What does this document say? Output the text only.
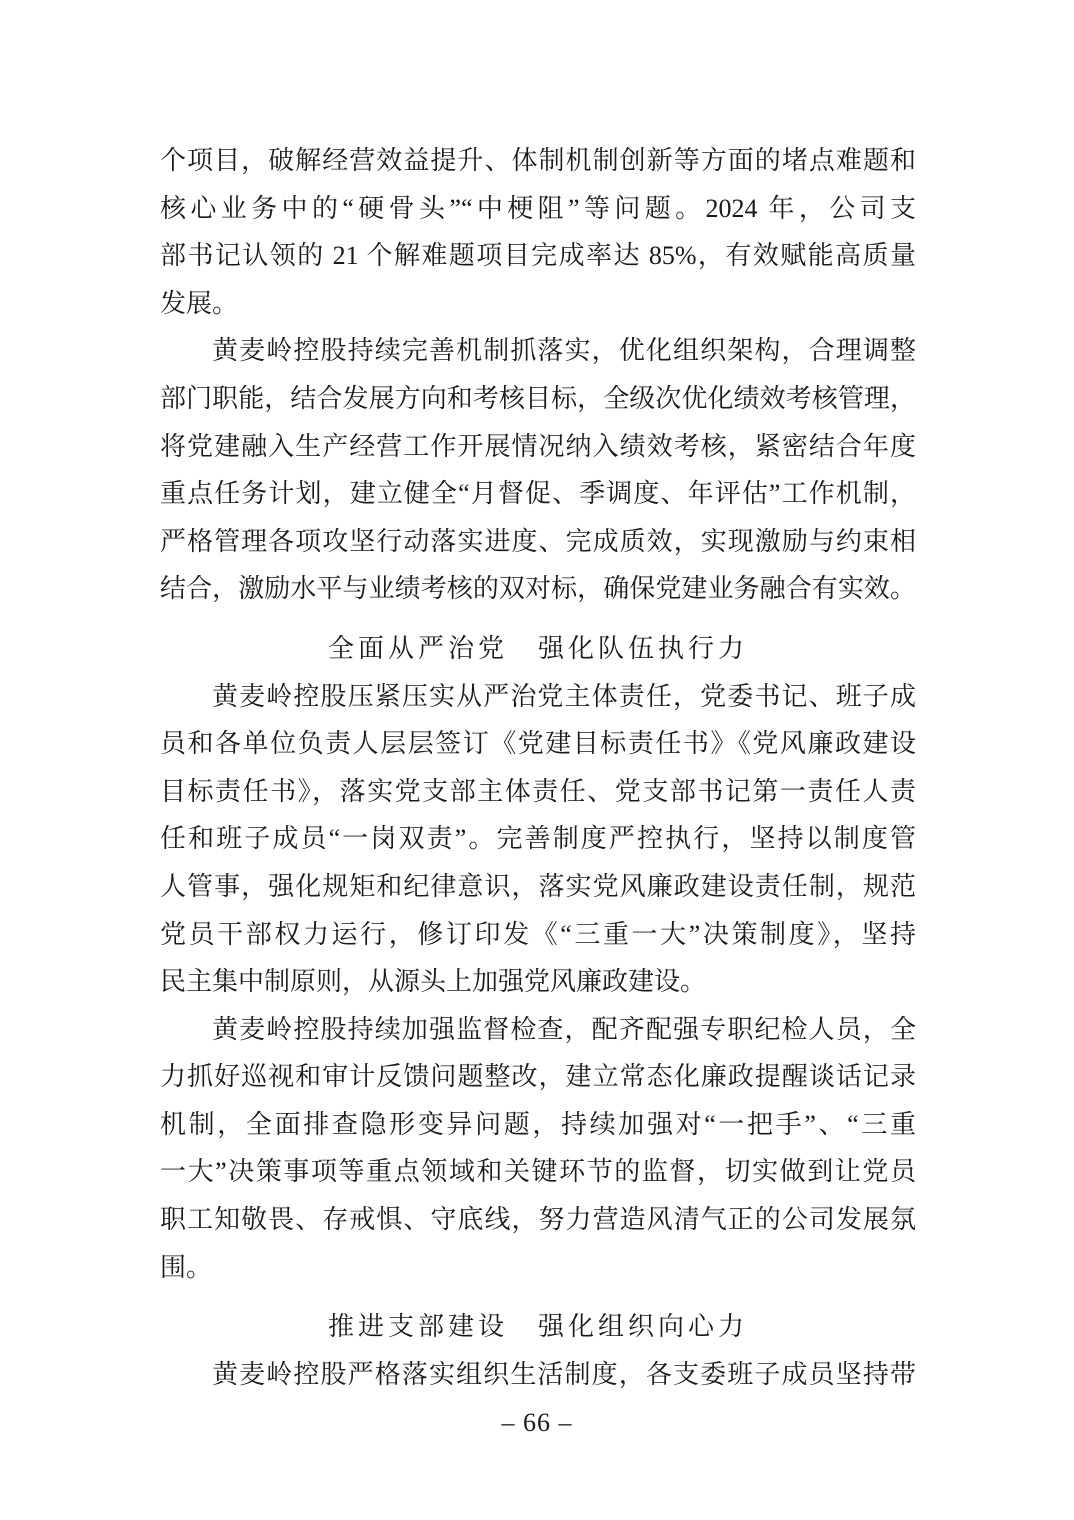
个项目，破解经营效益提升、体制机制创新等方面的堵点难题和
核心业务中的“硬骨头”“中梗阻”等问题。2024 年，公司支
部书记认领的 21 个解难题项目完成率达 85%，有效赋能高质量
发展。
黄麦岭控股持续完善机制抓落实，优化组织架构，合理调整
部门职能，结合发展方向和考核目标，全级次优化绩效考核管理，
将党建融入生产经营工作开展情况纳入绩效考核，紧密结合年度
重点任务计划，建立健全“月督促、季调度、年评估”工作机制，
严格管理各项攻坚行动落实进度、完成质效，实现激励与约束相
结合，激励水平与业绩考核的双对标，确保党建业务融合有实效。
全面从严治党　强化队伍执行力
黄麦岭控股压紧压实从严治党主体责任，党委书记、班子成
员和各单位负责人层层签订《党建目标责任书》《党风廉政建设
目标责任书》，落实党支部主体责任、党支部书记第一责任人责
任和班子成员“一岗双责”。完善制度严控执行，坚持以制度管
人管事，强化规矩和纪律意识，落实党风廉政建设责任制，规范
党员干部权力运行，修订印发《“三重一大”决策制度》，坚持
民主集中制原则，从源头上加强党风廉政建设。
黄麦岭控股持续加强监督检查，配齐配强专职纪检人员，全
力抓好巡视和审计反馈问题整改，建立常态化廉政提醒谈话记录
机制，全面排查隐形变异问题，持续加强对“一把手”、“三重
一大”决策事项等重点领域和关键环节的监督，切实做到让党员
职工知敬畏、存戒惧、守底线，努力营造风清气正的公司发展氛
围。
推进支部建设　强化组织向心力
黄麦岭控股严格落实组织生活制度，各支委班子成员坚持带
– 66 –
